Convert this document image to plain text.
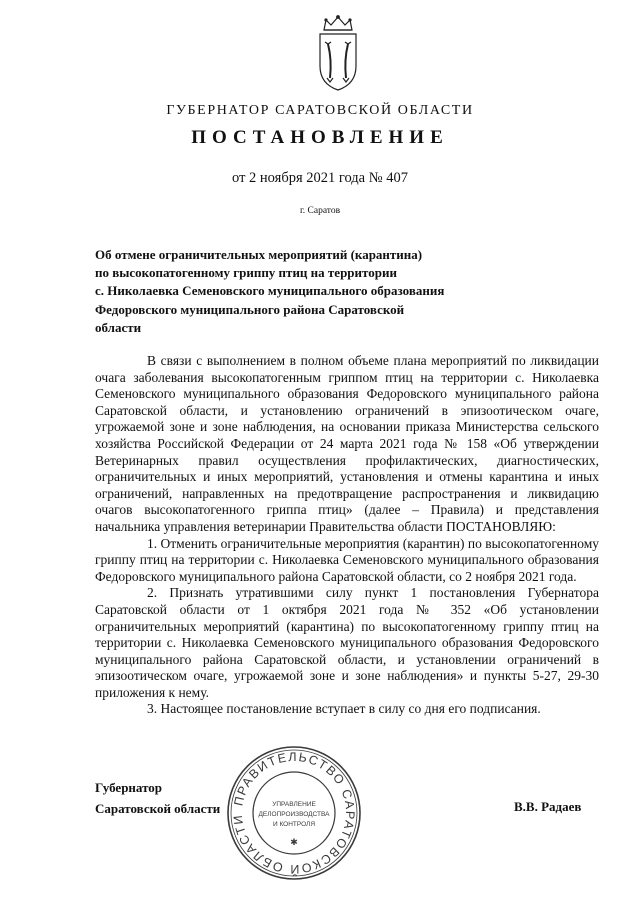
ГУБЕРНАТОР САРАТОВСКОЙ ОБЛАСТИ
ПОСТАНОВЛЕНИЕ
от 2 ноября 2021 года № 407
г. Саратов
Об отмене ограничительных мероприятий (карантина)
по высокопатогенному гриппу птиц на территории
с. Николаевка Семеновского муниципального образования
Федоровского муниципального района Саратовской
области

В связи с выполнением в полном объеме плана мероприятий по ликвидации очага заболевания высокопатогенным гриппом птиц на территории с. Николаевка Семеновского муниципального образования Федоровского муниципального района Саратовской области, и установлению ограничений в эпизоотическом очаге, угрожаемой зоне и зоне наблюдения, на основании приказа Министерства сельского хозяйства Российской Федерации от 24 марта 2021 года № 158 «Об утверждении Ветеринарных правил осуществления профилактических, диагностических, ограничительных и иных мероприятий, установления и отмены карантина и иных ограничений, направленных на предотвращение распространения и ликвидацию очагов высокопатогенного гриппа птиц» (далее – Правила) и представления начальника управления ветеринарии Правительства области ПОСТАНОВЛЯЮ:

1. Отменить ограничительные мероприятия (карантин) по высокопатогенному гриппу птиц на территории с. Николаевка Семеновского муниципального образования Федоровского муниципального района Саратовской области, со 2 ноября 2021 года.

2. Признать утратившими силу пункт 1 постановления Губернатора Саратовской области от 1 октября 2021 года № 352 «Об установлении ограничительных мероприятий (карантина) по высокопатогенному гриппу птиц на территории с. Николаевка Семеновского муниципального образования Федоровского муниципального района Саратовской области, и установлении ограничений в эпизоотическом очаге, угрожаемой зоне и зоне наблюдения» и пункты 5-27, 29-30 приложения к нему.

3. Настоящее постановление вступает в силу со дня его подписания.

Губернатор
Саратовской области	В.В. Радаев
ПРАВИТЕЛЬСТВО САРАТОВСКОЙ ОБЛАСТИ
УПРАВЛЕНИЕ
ДЕЛОПРОИЗВОДСТВА
И КОНТРОЛЯ
✱
